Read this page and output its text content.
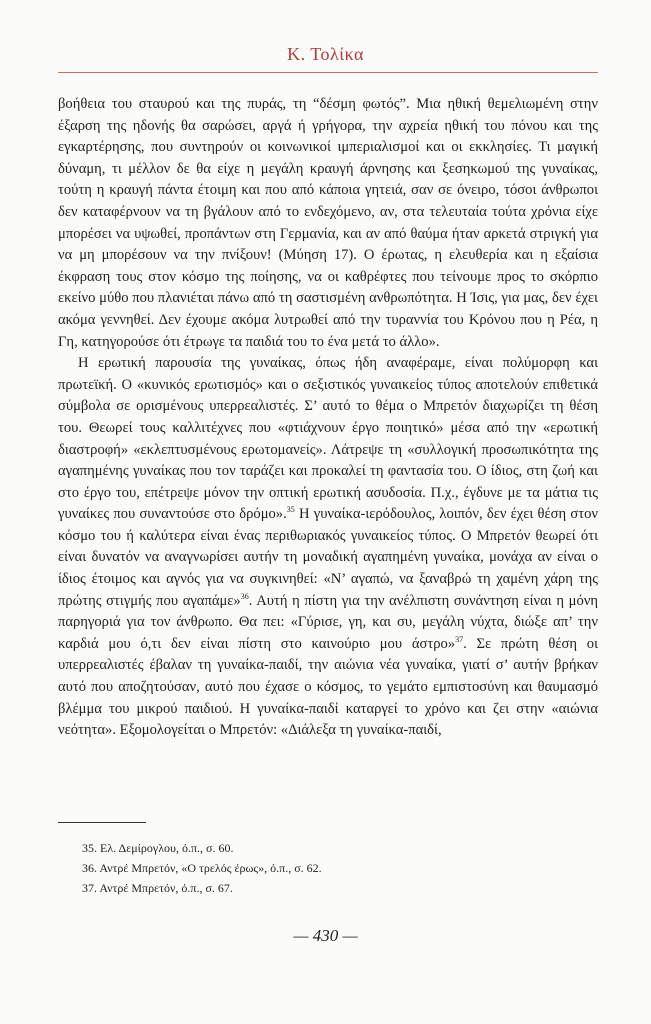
Κ. Τολίκα

βοήθεια του σταυρού και της πυράς, τη “δέσμη φωτός”. Μια ηθική θεμελιωμένη στην έξαρση της ηδονής θα σαρώσει, αργά ή γρήγορα, την αχρεία ηθική του πόνου και της εγκαρτέρησης, που συντηρούν οι κοινωνικοί ιμπεριαλισμοί και οι εκκλησίες. Τι μαγική δύναμη, τι μέλλον δε θα είχε η μεγάλη κραυγή άρνησης και ξεσηκωμού της γυναίκας, τούτη η κραυγή πάντα έτοιμη και που από κάποια γητειά, σαν σε όνειρο, τόσοι άνθρωποι δεν καταφέρνουν να τη βγάλουν από το ενδεχόμενο, αν, στα τελευταία τούτα χρόνια είχε μπορέσει να υψωθεί, προπάντων στη Γερμανία, και αν από θαύμα ήταν αρκετά στριγκή για να μη μπορέσουν να την πνίξουν! (Μύηση 17). Ο έρωτας, η ελευθερία και η εξαίσια έκφραση τους στον κόσμο της ποίησης, να οι καθρέφτες που τείνουμε προς το σκόρπιο εκείνο μύθο που πλανιέται πάνω από τη σαστισμένη ανθρωπότητα. Η Ίσις, για μας, δεν έχει ακόμα γεννηθεί. Δεν έχουμε ακόμα λυτρωθεί από την τυραννία του Κρόνου που η Ρέα, η Γη, κατηγορούσε ότι έτρωγε τα παιδιά του το ένα μετά το άλλο».

Η ερωτική παρουσία της γυναίκας, όπως ήδη αναφέραμε, είναι πολύμορφη και πρωτεϊκή. Ο «κυνικός ερωτισμός» και ο σεξιστικός γυναικείος τύπος αποτελούν επιθετικά σύμβολα σε ορισμένους υπερρεαλιστές. Σ’ αυτό το θέμα ο Μπρετόν διαχωρίζει τη θέση του. Θεωρεί τους καλλιτέχνες που «φτιάχνουν έργο ποιητικό» μέσα από την «ερωτική διαστροφή» «εκλεπτυσμένους ερωτομανείς». Λάτρεψε τη «συλλογική προσωπικότητα της αγαπημένης γυναίκας που τον ταράζει και προκαλεί τη φαντασία του. Ο ίδιος, στη ζωή και στο έργο του, επέτρεψε μόνον την οπτική ερωτική ασυδοσία. Π.χ., έγδυνε με τα μάτια τις γυναίκες που συναντούσε στο δρόμο».$^{35}$ Η γυναίκα-ιερόδουλος, λοιπόν, δεν έχει θέση στον κόσμο του ή καλύτερα είναι ένας περιθωριακός γυναικείος τύπος. Ο Μπρετόν θεωρεί ότι είναι δυνατόν να αναγνωρίσει αυτήν τη μοναδική αγαπημένη γυναίκα, μονάχα αν είναι ο ίδιος έτοιμος και αγνός για να συγκινηθεί: «Ν’ αγαπώ, να ξαναβρώ τη χαμένη χάρη της πρώτης στιγμής που αγαπάμε»$^{36}$. Αυτή η πίστη για την ανέλπιστη συνάντηση είναι η μόνη παρηγοριά για τον άνθρωπο. Θα πει: «Γύρισε, γη, και συ, μεγάλη νύχτα, διώξε απ’ την καρδιά μου ό,τι δεν είναι πίστη στο καινούριο μου άστρο»$^{37}$. Σε πρώτη θέση οι υπερρεαλιστές έβαλαν τη γυναίκα-παιδί, την αιώνια νέα γυναίκα, γιατί σ’ αυτήν βρήκαν αυτό που αποζητούσαν, αυτό που έχασε ο κόσμος, το γεμάτο εμπιστοσύνη και θαυμασμό βλέμμα του μικρού παιδιού. Η γυναίκα-παιδί καταργεί το χρόνο και ζει στην «αιώνια νεότητα». Εξομολογείται ο Μπρετόν: «Διάλεξα τη γυναίκα-παιδί,

35. Ελ. Δεμίρογλου, ό.π., σ. 60.
36. Αντρέ Μπρετόν, «Ο τρελός έρως», ό.π., σ. 62.
37. Αντρέ Μπρετόν, ό.π., σ. 67.
— 430 —
